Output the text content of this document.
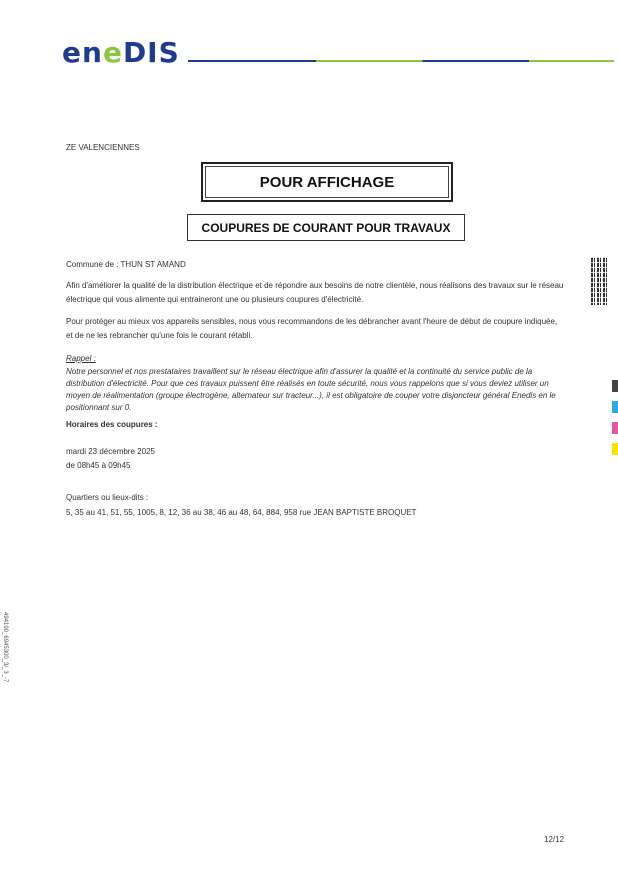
eneDIS
ZE VALENCIENNES
POUR AFFICHAGE
COUPURES DE COURANT POUR TRAVAUX
Commune de : THUN ST AMAND
Afin d'améliorer la qualité de la distribution électrique et de répondre aux besoins de notre clientèle, nous réalisons des travaux sur le réseau électrique qui vous alimente qui entraineront une ou plusieurs coupures d'électricité.
Pour protéger au mieux vos appareils sensibles, nous vous recommandons de les débrancher avant l'heure de début de coupure indiquée, et de ne les rebrancher qu'une fois le courant rétabli.
Rappel :
Notre personnel et nos prestataires travaillent sur le réseau électrique afin d'assurer la qualité et la continuité du service public de la distribution d'électricité. Pour que ces travaux puissent être réalisés en toute sécurité, nous vous rappelons que si vous deviez utiliser un moyen de réalimentation (groupe électrogène, alternateur sur tracteur...), il est obligatoire de couper votre disjoncteur général Enedis en le positionnant sur 0.
Horaires des coupures :
mardi 23 décembre 2025
de 08h45 à 09h45
Quartiers ou lieux-dits :
5, 35 au 41, 51, 55, 1005, 8, 12, 36 au 38, 46 au 48, 64, 884, 958 rue JEAN BAPTISTE BROQUET
494190_6945300_3/_3_-7
12/12
